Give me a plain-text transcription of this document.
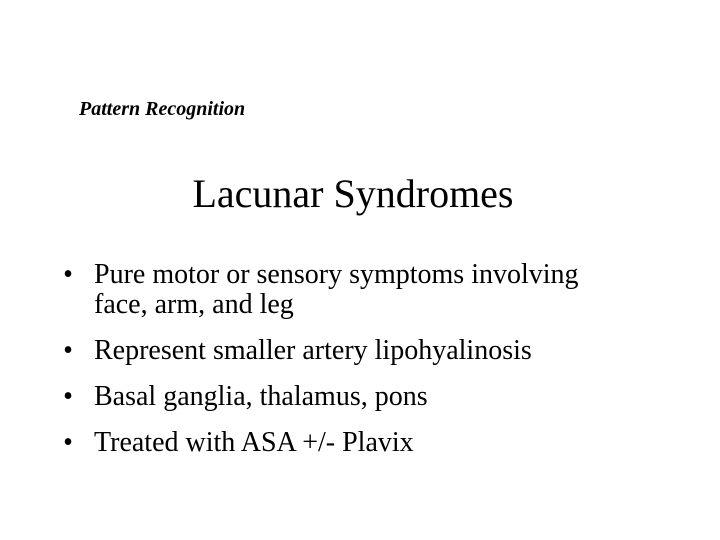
Pattern Recognition
Lacunar Syndromes
• Pure motor or sensory symptoms involving
face, arm, and leg
• Represent smaller artery lipohyalinosis
• Basal ganglia, thalamus, pons
• Treated with ASA +/- Plavix
